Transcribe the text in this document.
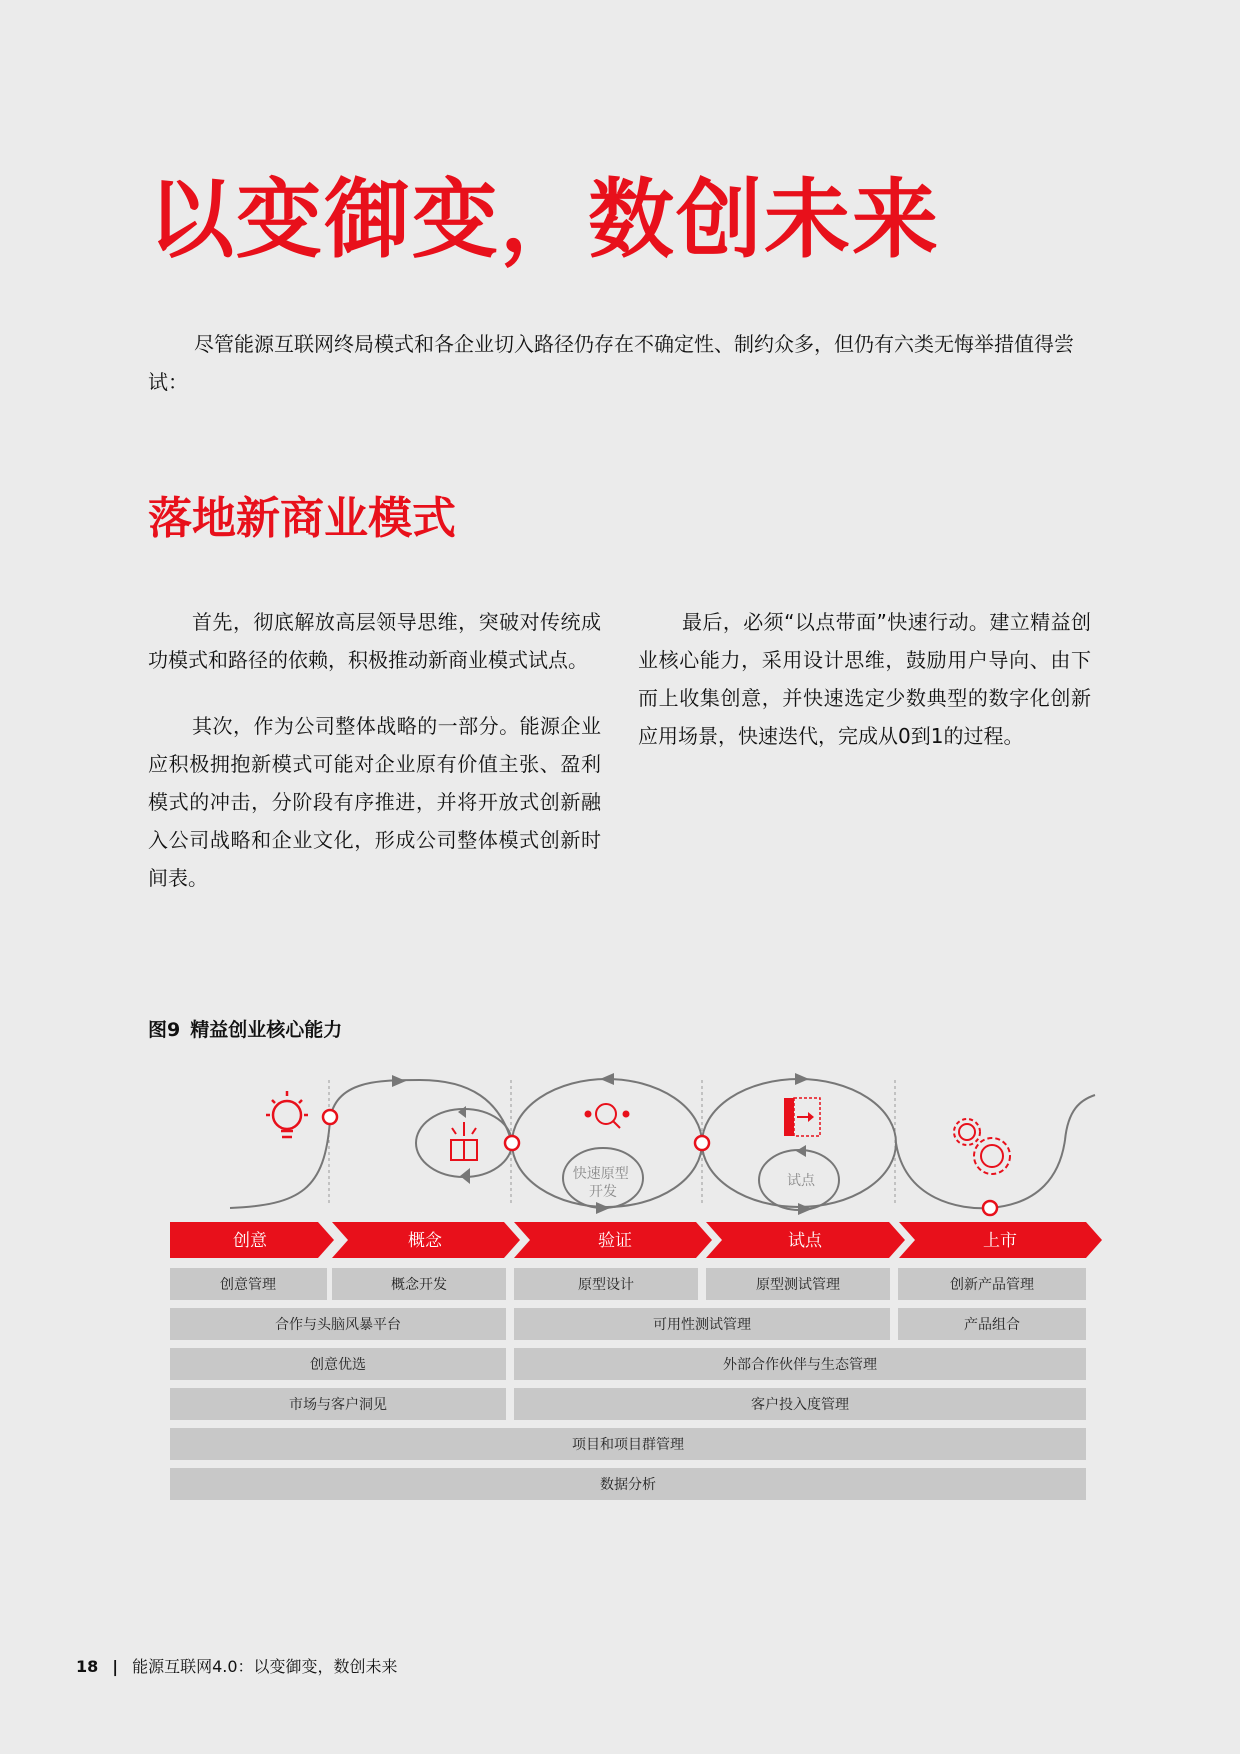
以变御变，数创未来

尽管能源互联网终局模式和各企业切入路径仍存在不确定性、制约众多，但仍有六类无悔举措值得尝试：

落地新商业模式

首先，彻底解放高层领导思维，突破对传统成功模式和路径的依赖，积极推动新商业模式试点。

其次，作为公司整体战略的一部分。能源企业应积极拥抱新模式可能对企业原有价值主张、盈利模式的冲击，分阶段有序推进，并将开放式创新融入公司战略和企业文化，形成公司整体模式创新时间表。

最后，必须“以点带面”快速行动。建立精益创业核心能力，采用设计思维，鼓励用户导向、由下而上收集创意，并快速选定少数典型的数字化创新应用场景，快速迭代，完成从0到1的过程。

图9 精益创业核心能力
快速原型 开发
试点
创意	概念	验证	试点	上市
创意管理	概念开发	原型设计	原型测试管理	创新产品管理
合作与头脑风暴平台	可用性测试管理	产品组合
创意优选	外部合作伙伴与生态管理
市场与客户洞见	客户投入度管理
项目和项目群管理
数据分析
18 | 能源互联网4.0：以变御变，数创未来
